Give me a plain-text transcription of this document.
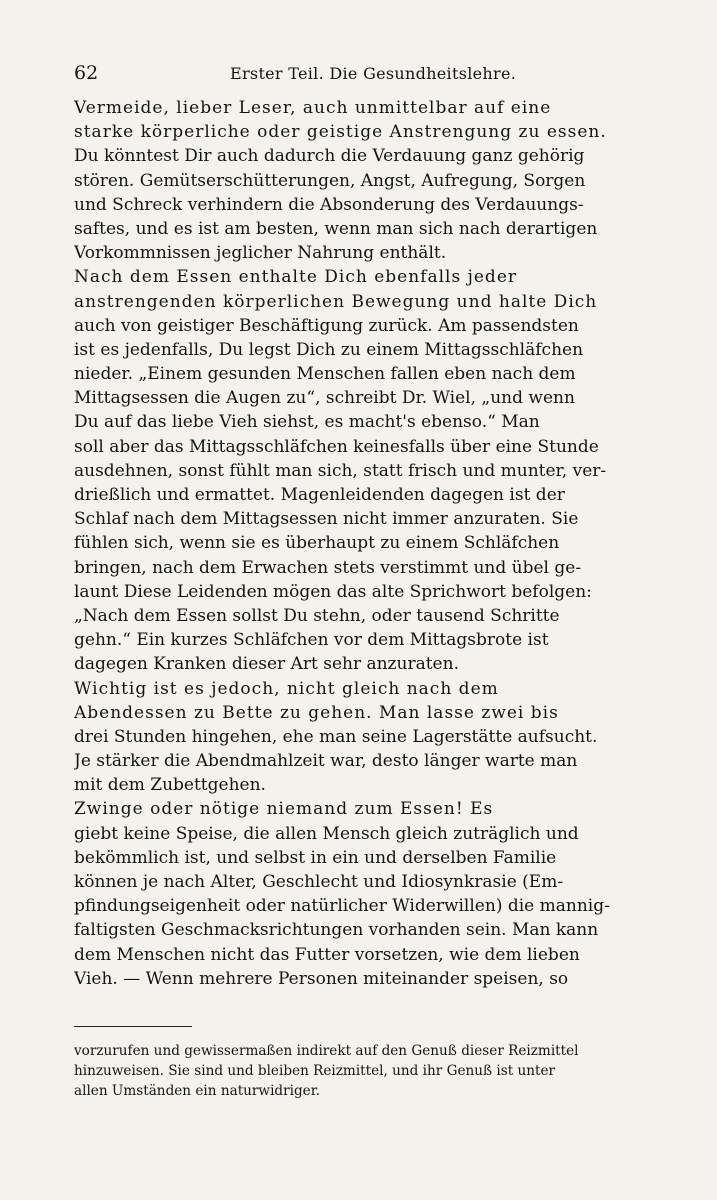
62	Erster Teil. Die Gesundheitslehre.
Vermeide, lieber Leser, auch unmittelbar auf eine
starke körperliche oder geistige Anstrengung zu essen.
Du könntest Dir auch dadurch die Verdauung ganz gehörig
stören. Gemütserschütterungen, Angst, Aufregung, Sorgen
und Schreck verhindern die Absonderung des Verdauungs-
saftes, und es ist am besten, wenn man sich nach derartigen
Vorkommnissen jeglicher Nahrung enthält.
Nach dem Essen enthalte Dich ebenfalls jeder
anstrengenden körperlichen Bewegung und halte Dich
auch von geistiger Beschäftigung zurück. Am passendsten
ist es jedenfalls, Du legst Dich zu einem Mittagsschläfchen
nieder. „Einem gesunden Menschen fallen eben nach dem
Mittagsessen die Augen zu“, schreibt Dr. Wiel, „und wenn
Du auf das liebe Vieh siehst, es macht's ebenso.“ Man
soll aber das Mittagsschläfchen keinesfalls über eine Stunde
ausdehnen, sonst fühlt man sich, statt frisch und munter, ver-
drießlich und ermattet. Magenleidenden dagegen ist der
Schlaf nach dem Mittagsessen nicht immer anzuraten. Sie
fühlen sich, wenn sie es überhaupt zu einem Schläfchen
bringen, nach dem Erwachen stets verstimmt und übel ge-
launt Diese Leidenden mögen das alte Sprichwort befolgen:
„Nach dem Essen sollst Du stehn, oder tausend Schritte
gehn.“ Ein kurzes Schläfchen vor dem Mittagsbrote ist
dagegen Kranken dieser Art sehr anzuraten.
Wichtig ist es jedoch, nicht gleich nach dem
Abendessen zu Bette zu gehen. Man lasse zwei bis
drei Stunden hingehen, ehe man seine Lagerstätte aufsucht.
Je stärker die Abendmahlzeit war, desto länger warte man
mit dem Zubettgehen.
Zwinge oder nötige niemand zum Essen! Es
giebt keine Speise, die allen Mensch gleich zuträglich und
bekömmlich ist, und selbst in ein und derselben Familie
können je nach Alter, Geschlecht und Idiosynkrasie (Em-
pfindungseigenheit oder natürlicher Widerwillen) die mannig-
faltigsten Geschmacksrichtungen vorhanden sein. Man kann
dem Menschen nicht das Futter vorsetzen, wie dem lieben
Vieh. — Wenn mehrere Personen miteinander speisen, so
vorzurufen und gewissermaßen indirekt auf den Genuß dieser Reizmittel
hinzuweisen. Sie sind und bleiben Reizmittel, und ihr Genuß ist unter
allen Umständen ein naturwidriger.
